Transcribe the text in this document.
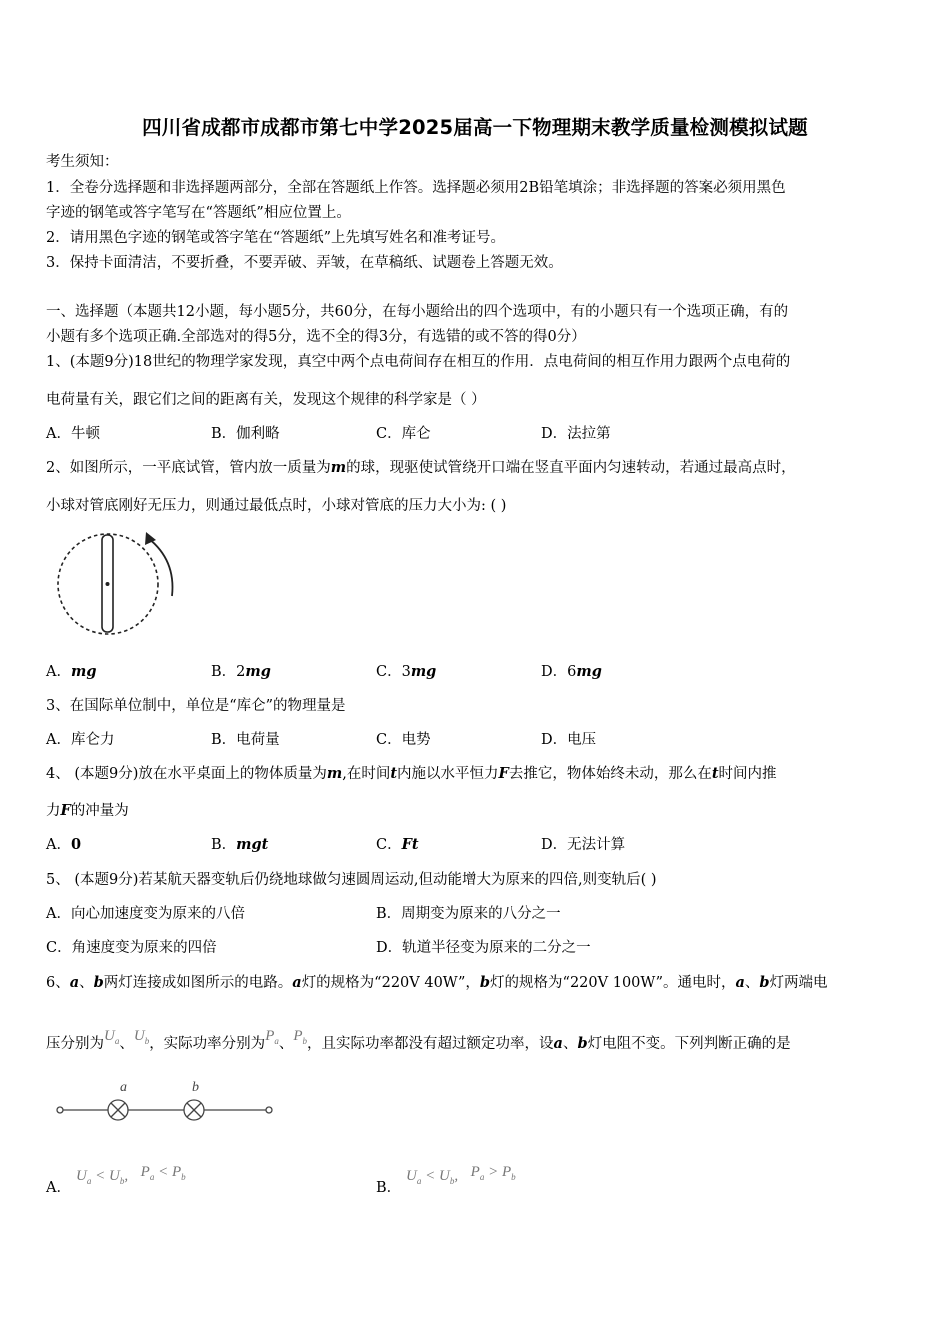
四川省成都市成都市第七中学2025届高一下物理期末教学质量检测模拟试题
考生须知：
1．全卷分选择题和非选择题两部分，全部在答题纸上作答。选择题必须用2B铅笔填涂；非选择题的答案必须用黑色
字迹的钢笔或答字笔写在“答题纸”相应位置上。
2．请用黑色字迹的钢笔或答字笔在“答题纸”上先填写姓名和准考证号。
3．保持卡面清洁，不要折叠，不要弄破、弄皱，在草稿纸、试题卷上答题无效。
一、选择题（本题共12小题，每小题5分，共60分，在每小题给出的四个选项中，有的小题只有一个选项正确，有的
小题有多个选项正确.全部选对的得5分，选不全的得3分，有选错的或不答的得0分）
1、(本题9分)18世纪的物理学家发现，真空中两个点电荷间存在相互的作用．点电荷间的相互作用力跟两个点电荷的
电荷量有关，跟它们之间的距离有关，发现这个规律的科学家是（ ）
A．牛顿	B．伽利略	C．库仑	D．法拉第
2、如图所示，一平底试管，管内放一质量为m的球，现驱使试管绕开口端在竖直平面内匀速转动，若通过最高点时，
小球对管底刚好无压力，则通过最低点时，小球对管底的压力大小为: ( )
A．mg	B．2mg	C．3mg	D．6mg
3、在国际单位制中，单位是“库仑”的物理量是
A．库仑力	B．电荷量	C．电势	D．电压
4、 (本题9分)放在水平桌面上的物体质量为m,在时间t内施以水平恒力F去推它，物体始终未动，那么在t时间内推
力F的冲量为
A．0	B．mgt	C．Ft	D．无法计算
5、 (本题9分)若某航天器变轨后仍绕地球做匀速圆周运动,但动能增大为原来的四倍,则变轨后( )
A．向心加速度变为原来的八倍	B．周期变为原来的八分之一
C．角速度变为原来的四倍	D．轨道半径变为原来的二分之一
6、a、b两灯连接成如图所示的电路。a灯的规格为“220V 40W”，b灯的规格为“220V 100W”。通电时，a、b灯两端电
压分别为$U_a$、$U_b$，实际功率分别为$P_a$、$P_b$，且实际功率都没有超过额定功率，设a、b灯电阻不变。下列判断正确的是
a	b
A．
$U_a < U_b$, $P_a < P_b$
B．
$U_a < U_b$, $P_a > P_b$
